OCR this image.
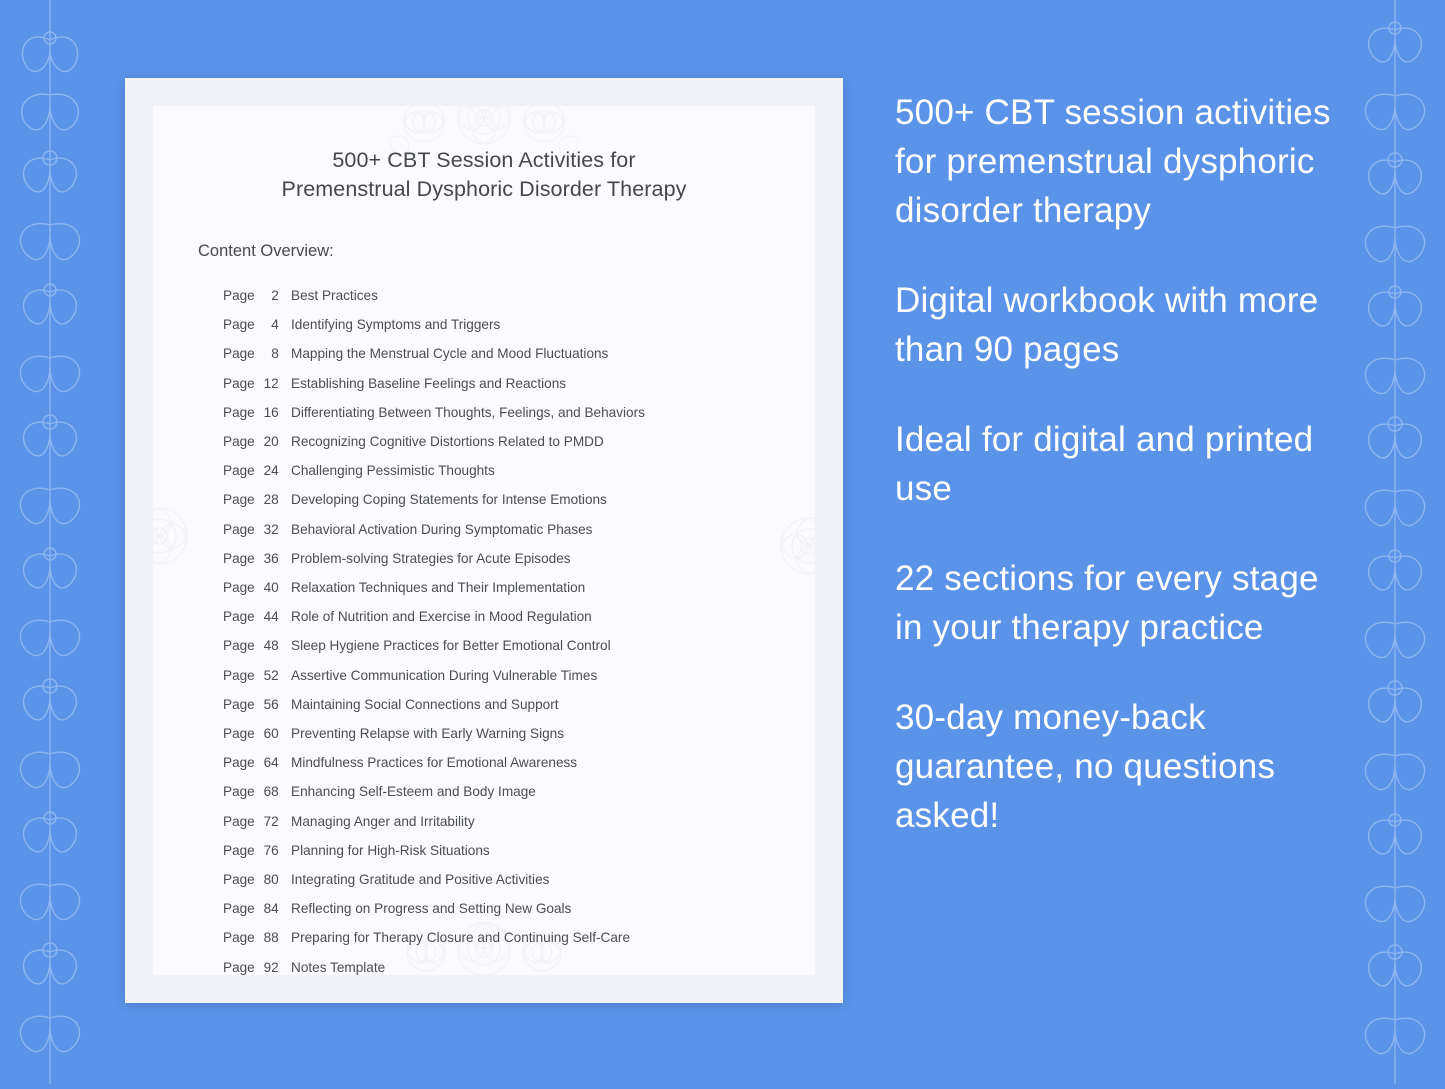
500+ CBT Session Activities for
Premenstrual Dysphoric Disorder Therapy
Content Overview:
Page 2 Best Practices
Page 4 Identifying Symptoms and Triggers
Page 8 Mapping the Menstrual Cycle and Mood Fluctuations
Page 12 Establishing Baseline Feelings and Reactions
Page 16 Differentiating Between Thoughts, Feelings, and Behaviors
Page 20 Recognizing Cognitive Distortions Related to PMDD
Page 24 Challenging Pessimistic Thoughts
Page 28 Developing Coping Statements for Intense Emotions
Page 32 Behavioral Activation During Symptomatic Phases
Page 36 Problem-solving Strategies for Acute Episodes
Page 40 Relaxation Techniques and Their Implementation
Page 44 Role of Nutrition and Exercise in Mood Regulation
Page 48 Sleep Hygiene Practices for Better Emotional Control
Page 52 Assertive Communication During Vulnerable Times
Page 56 Maintaining Social Connections and Support
Page 60 Preventing Relapse with Early Warning Signs
Page 64 Mindfulness Practices for Emotional Awareness
Page 68 Enhancing Self-Esteem and Body Image
Page 72 Managing Anger and Irritability
Page 76 Planning for High-Risk Situations
Page 80 Integrating Gratitude and Positive Activities
Page 84 Reflecting on Progress and Setting New Goals
Page 88 Preparing for Therapy Closure and Continuing Self-Care
Page 92 Notes Template

500+ CBT session activities for premenstrual dysphoric disorder therapy

Digital workbook with more than 90 pages

Ideal for digital and printed use

22 sections for every stage in your therapy practice

30-day money-back guarantee, no questions asked!
